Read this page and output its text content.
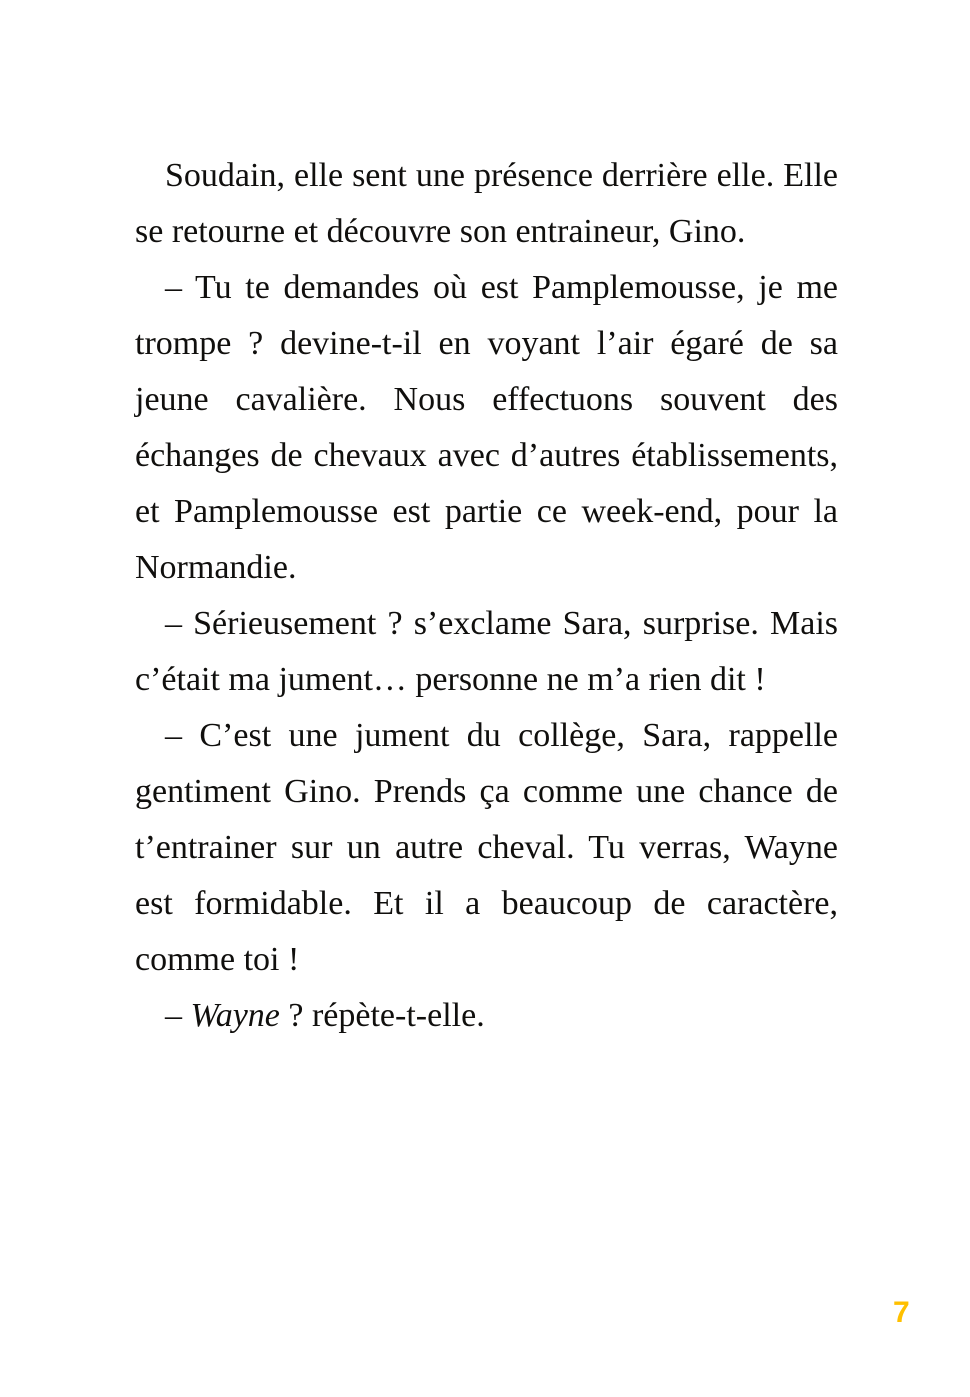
Soudain, elle sent une présence derrière elle. Elle se retourne et découvre son entraineur, Gino.

– Tu te demandes où est Pamplemousse, je me trompe ? devine-t-il en voyant l’air égaré de sa jeune cavalière. Nous effectuons souvent des échanges de chevaux avec d’autres établissements, et Pamplemousse est partie ce week-end, pour la Normandie.

– Sérieusement ? s’exclame Sara, surprise. Mais c’était ma jument… personne ne m’a rien dit !

– C’est une jument du collège, Sara, rappelle gentiment Gino. Prends ça comme une chance de t’entrainer sur un autre cheval. Tu verras, Wayne est formidable. Et il a beaucoup de caractère, comme toi !

– Wayne ? répète-t-elle.

7
